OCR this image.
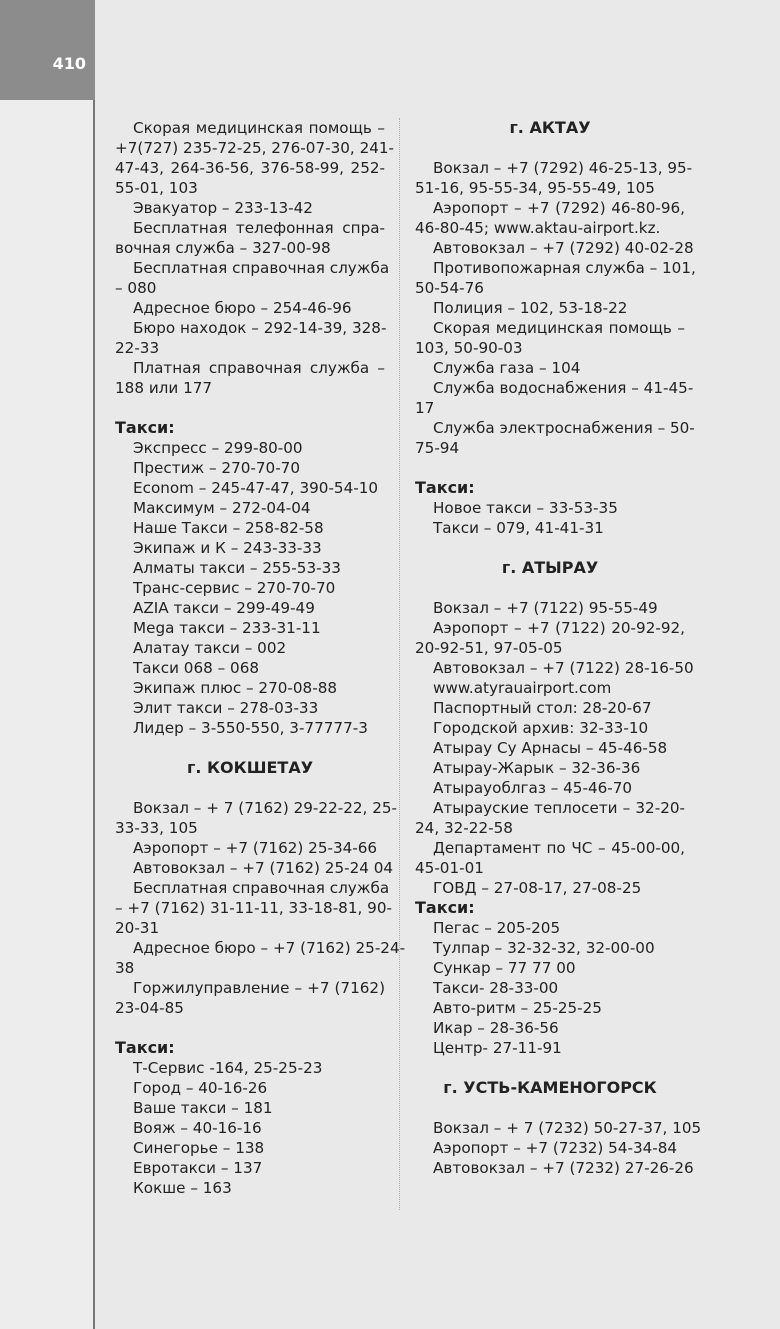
410
Скорая медицинская помощь –
+7(727) 235-72-25, 276-07-30, 241-
47-43, 264-36-56, 376-58-99, 252-
55-01, 103
Эвакуатор – 233-13-42
Бесплатная телефонная спра-
вочная служба – 327-00-98
Бесплатная справочная служба
– 080
Адресное бюро – 254-46-96
Бюро находок – 292-14-39, 328-
22-33
Платная справочная служба –
188 или 177
Такси:
Экспресс – 299-80-00
Престиж – 270-70-70
Econom – 245-47-47, 390-54-10
Максимум – 272-04-04
Наше Такси – 258-82-58
Экипаж и К – 243-33-33
Алматы такси – 255-53-33
Транс-сервис – 270-70-70
AZIA такси – 299-49-49
Mega такси – 233-31-11
Алатау такси – 002
Такси 068 – 068
Экипаж плюс – 270-08-88
Элит такси – 278-03-33
Лидер – 3-550-550, 3-77777-3
г. КОКШЕТАУ
Вокзал – + 7 (7162) 29-22-22, 25-
33-33, 105
Аэропорт – +7 (7162) 25-34-66
Автовокзал – +7 (7162) 25-24 04
Бесплатная справочная служба
– +7 (7162) 31-11-11, 33-18-81, 90-
20-31
Адресное бюро – +7 (7162) 25-24-
38
Горжилуправление – +7 (7162)
23-04-85
Такси:
Т-Сервис -164, 25-25-23
Город – 40-16-26
Ваше такси – 181
Вояж – 40-16-16
Синегорье – 138
Евротакси – 137
Кокше – 163
г. АКТАУ
Вокзал – +7 (7292) 46-25-13, 95-
51-16, 95-55-34, 95-55-49, 105
Аэропорт – +7 (7292) 46-80-96,
46-80-45; www.aktau-airport.kz.
Автовокзал – +7 (7292) 40-02-28
Противопожарная служба – 101,
50-54-76
Полиция – 102, 53-18-22
Скорая медицинская помощь –
103, 50-90-03
Служба газа – 104
Служба водоснабжения – 41-45-
17
Служба электроснабжения – 50-
75-94
Такси:
Новое такси – 33-53-35
Такси – 079, 41-41-31
г. АТЫРАУ
Вокзал – +7 (7122) 95-55-49
Аэропорт – +7 (7122) 20-92-92,
20-92-51, 97-05-05
Автовокзал – +7 (7122) 28-16-50
www.atyrauairport.com
Паспортный стол: 28-20-67
Городской архив: 32-33-10
Атырау Су Арнасы – 45-46-58
Атырау-Жарык – 32-36-36
Атырауоблгаз – 45-46-70
Атырауские теплосети – 32-20-
24, 32-22-58
Департамент по ЧС – 45-00-00,
45-01-01
ГОВД – 27-08-17, 27-08-25
Такси:
Пегас – 205-205
Тулпар – 32-32-32, 32-00-00
Сункар – 77 77 00
Такси- 28-33-00
Авто-ритм – 25-25-25
Икар – 28-36-56
Центр- 27-11-91
г. УСТЬ-КАМЕНОГОРСК
Вокзал – + 7 (7232) 50-27-37, 105
Аэропорт – +7 (7232) 54-34-84
Автовокзал – +7 (7232) 27-26-26
